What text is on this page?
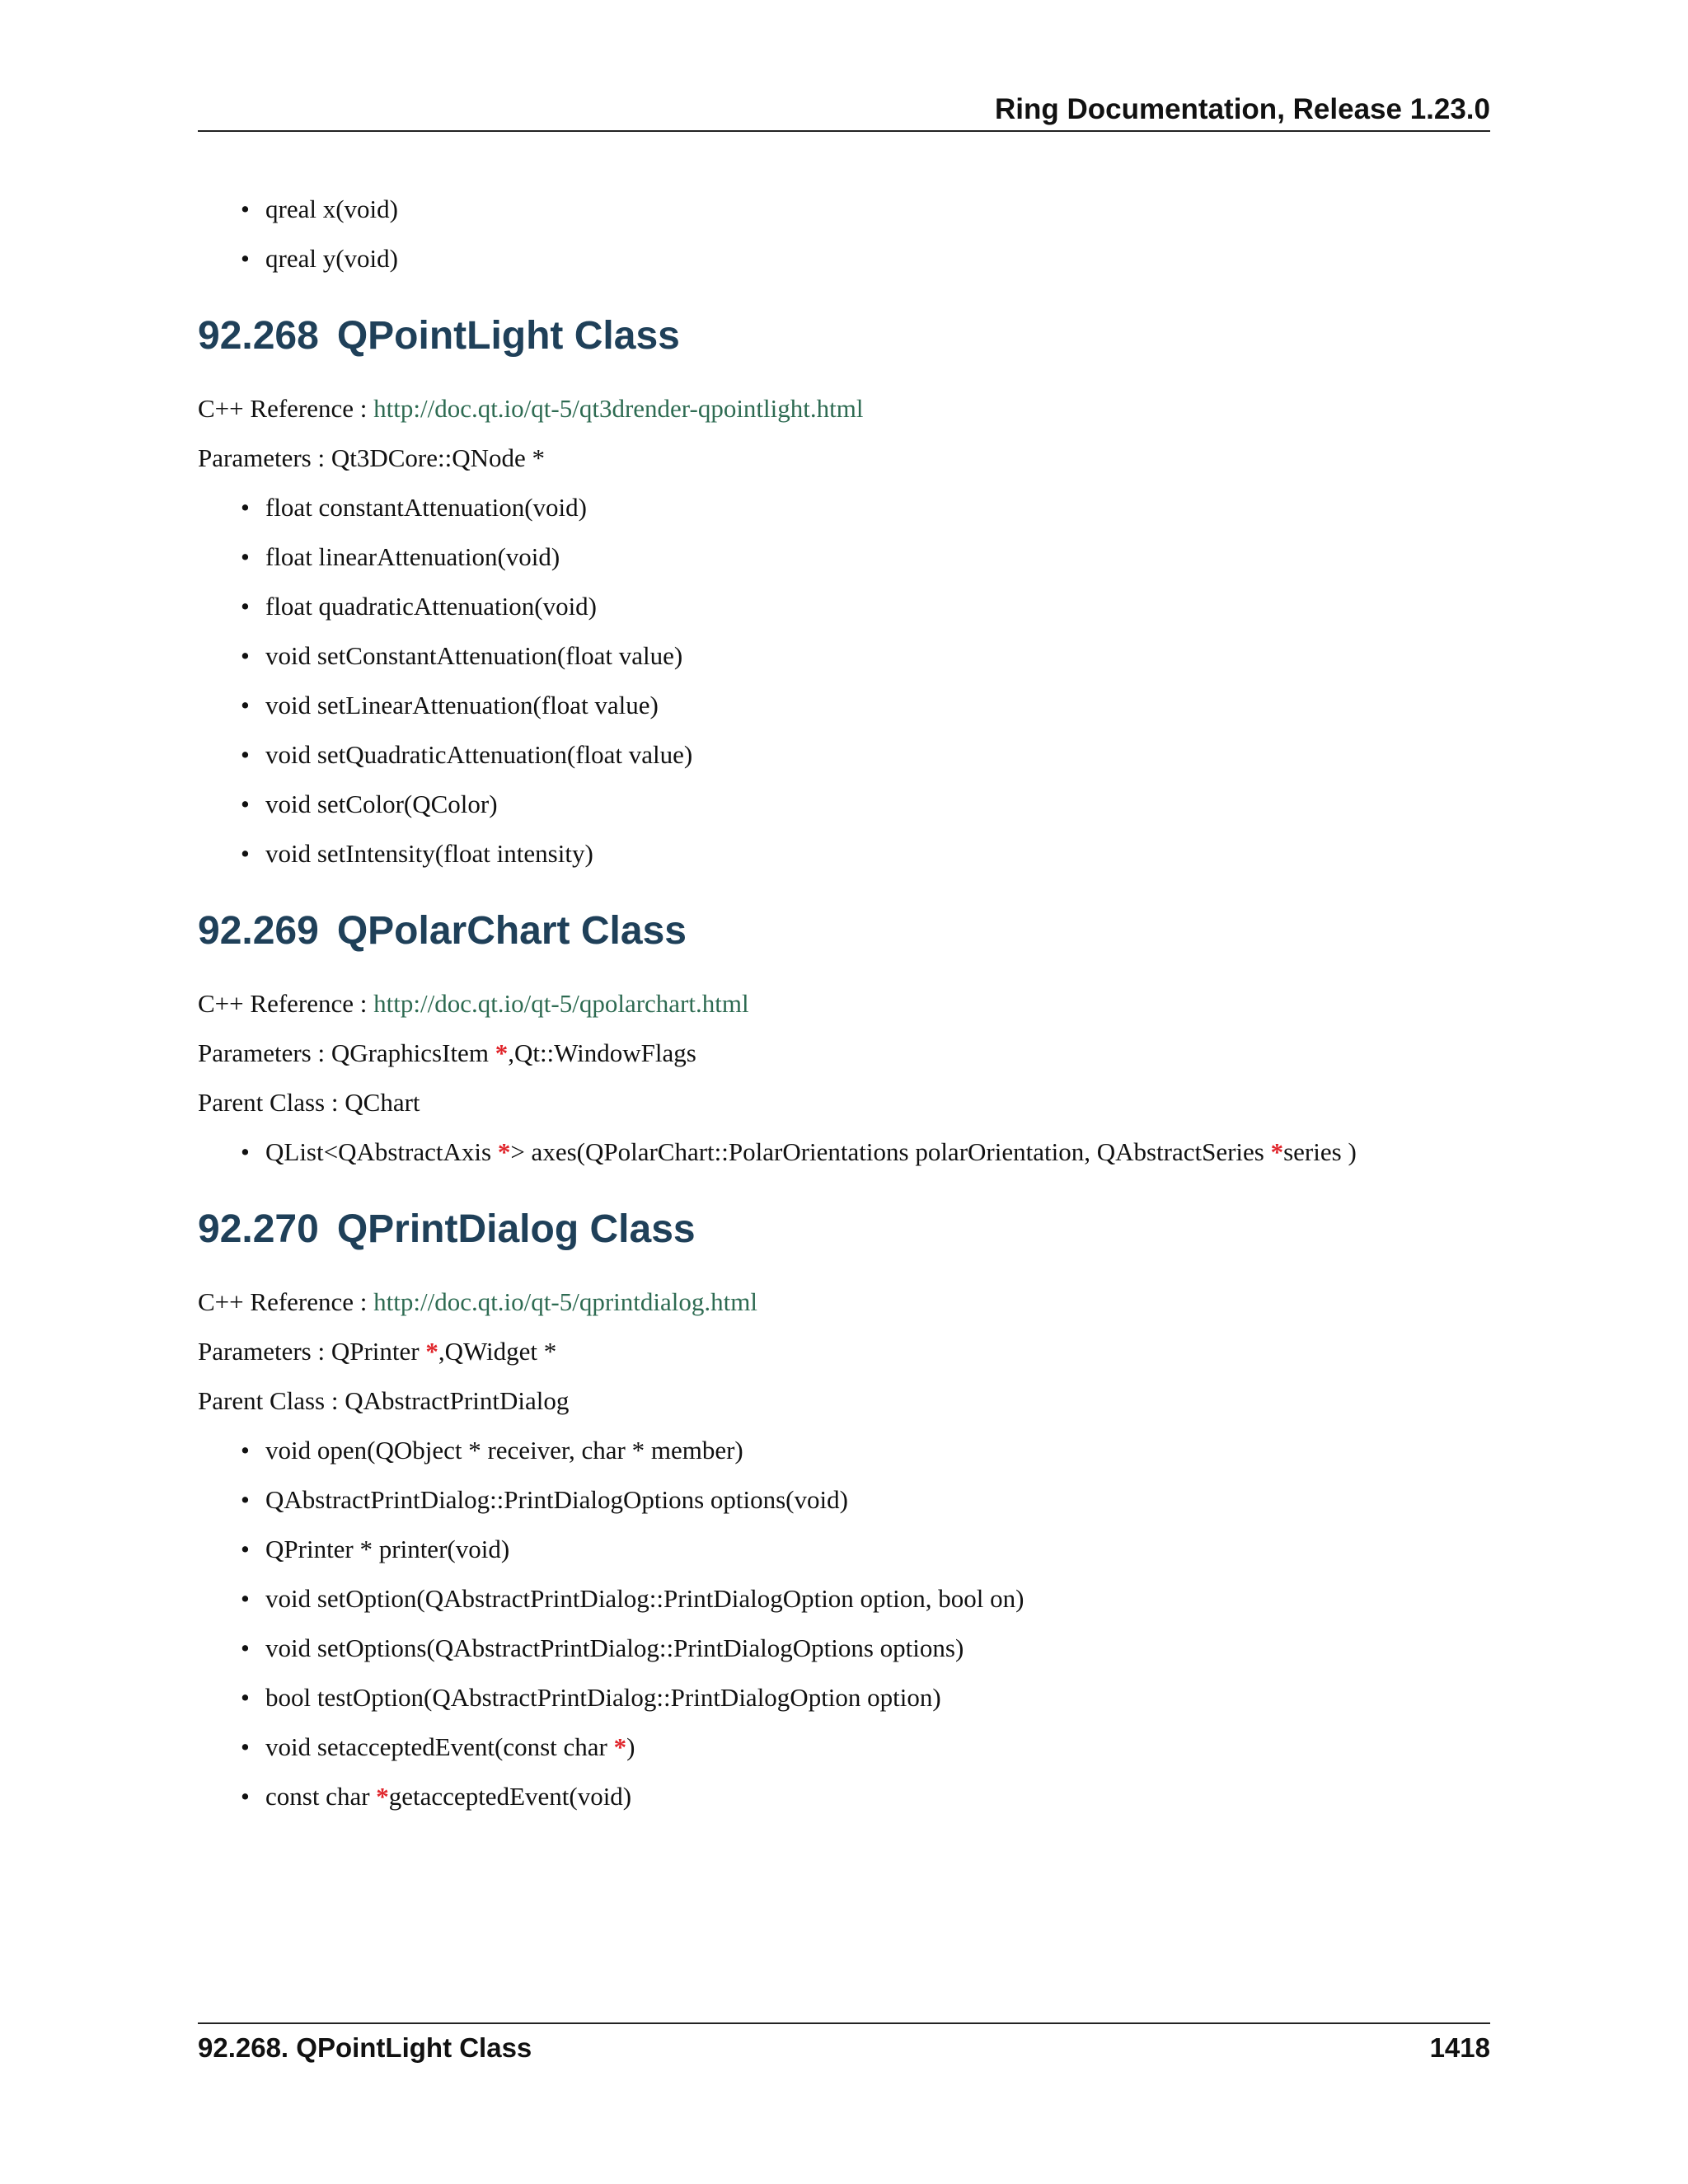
Ring Documentation, Release 1.23.0
• qreal x(void)
• qreal y(void)
92.268 QPointLight Class

C++ Reference : http://doc.qt.io/qt-5/qt3drender-qpointlight.html

Parameters : Qt3DCore::QNode *

• float constantAttenuation(void)
• float linearAttenuation(void)
• float quadraticAttenuation(void)
• void setConstantAttenuation(float value)
• void setLinearAttenuation(float value)
• void setQuadraticAttenuation(float value)
• void setColor(QColor)
• void setIntensity(float intensity)
92.269 QPolarChart Class

C++ Reference : http://doc.qt.io/qt-5/qpolarchart.html

Parameters : QGraphicsItem *,Qt::WindowFlags

Parent Class : QChart

• QList<QAbstractAxis *> axes(QPolarChart::PolarOrientations polarOrientation, QAbstractSeries *series )
92.270 QPrintDialog Class

C++ Reference : http://doc.qt.io/qt-5/qprintdialog.html

Parameters : QPrinter *,QWidget *

Parent Class : QAbstractPrintDialog

• void open(QObject * receiver, char * member)
• QAbstractPrintDialog::PrintDialogOptions options(void)
• QPrinter * printer(void)
• void setOption(QAbstractPrintDialog::PrintDialogOption option, bool on)
• void setOptions(QAbstractPrintDialog::PrintDialogOptions options)
• bool testOption(QAbstractPrintDialog::PrintDialogOption option)
• void setacceptedEvent(const char *)
• const char *getacceptedEvent(void)
92.268. QPointLight Class	1418
